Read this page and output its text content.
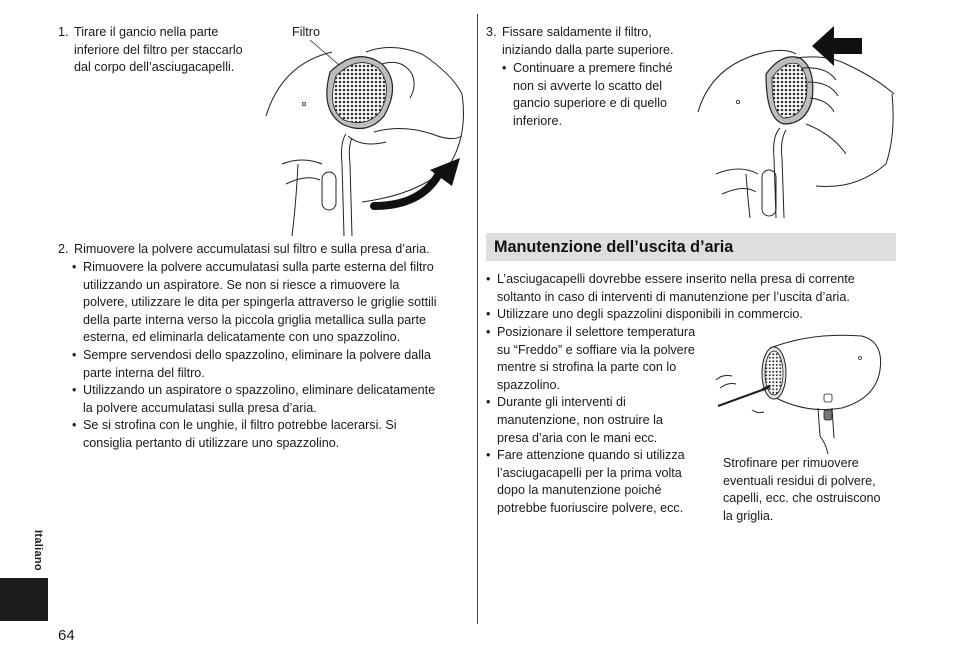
1. Tirare il gancio nella parte
inferiore del filtro per staccarlo
dal corpo dell’asciugacapelli.
Filtro
2. Rimuovere la polvere accumulatasi sul filtro e sulla presa d’aria.
• Rimuovere la polvere accumulatasi sulla parte esterna del filtro
utilizzando un aspiratore. Se non si riesce a rimuovere la
polvere, utilizzare le dita per spingerla attraverso le griglie sottili
della parte interna verso la piccola griglia metallica sulla parte
esterna, ed eliminarla delicatamente con uno spazzolino.
• Sempre servendosi dello spazzolino, eliminare la polvere dalla
parte interna del filtro.
• Utilizzando un aspiratore o spazzolino, eliminare delicatamente
la polvere accumulatasi sulla presa d’aria.
• Se si strofina con le unghie, il filtro potrebbe lacerarsi. Si
consiglia pertanto di utilizzare uno spazzolino.
Italiano
64
3. Fissare saldamente il filtro,
iniziando dalla parte superiore.
• Continuare a premere finché
non si avverte lo scatto del
gancio superiore e di quello
inferiore.
Manutenzione dell’uscita d’aria
• L’asciugacapelli dovrebbe essere inserito nella presa di corrente
soltanto in caso di interventi di manutenzione per l’uscita d’aria.
• Utilizzare uno degli spazzolini disponibili in commercio.
• Posizionare il selettore temperatura
su “Freddo” e soffiare via la polvere
mentre si strofina la parte con lo
spazzolino.
• Durante gli interventi di
manutenzione, non ostruire la
presa d’aria con le mani ecc.
• Fare attenzione quando si utilizza
l’asciugacapelli per la prima volta
dopo la manutenzione poiché
potrebbe fuoriuscire polvere, ecc.
Strofinare per rimuovere
eventuali residui di polvere,
capelli, ecc. che ostruiscono
la griglia.
